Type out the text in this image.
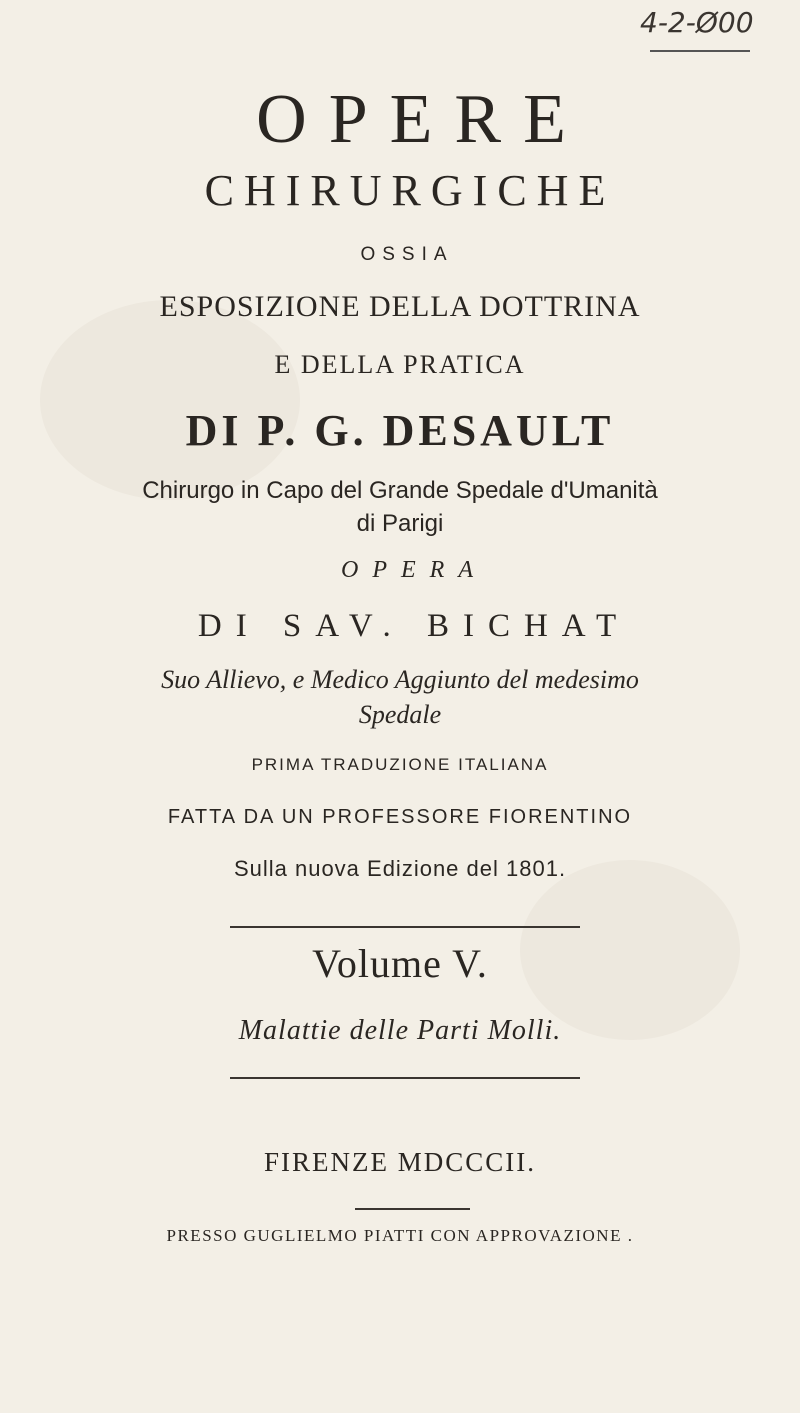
4-2-Ø00
OPERE
CHIRURGICHE
OSSIA
ESPOSIZIONE DELLA DOTTRINA
E DELLA PRATICA
DI P. G. DESAULT
Chirurgo in Capo del Grande Spedale d'Umanità
di Parigi
OPERA
DI SAV. BICHAT
Suo Allievo, e Medico Aggiunto del medesimo
Spedale
PRIMA TRADUZIONE ITALIANA
FATTA DA UN PROFESSORE FIORENTINO
Sulla nuova Edizione del 1801.
Volume V.
Malattie delle Parti Molli.
FIRENZE MDCCCII.
PRESSO GUGLIELMO PIATTI CON APPROVAZIONE .
